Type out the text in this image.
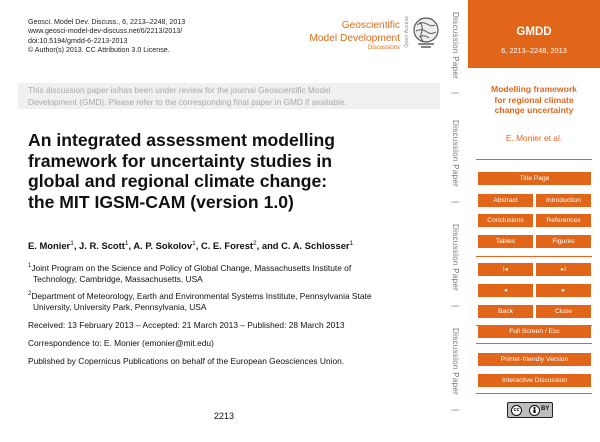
Geosci. Model Dev. Discuss., 6, 2213–2248, 2013
www.geosci-model-dev-discuss.net/6/2213/2013/
doi:10.5194/gmdd-6-2213-2013
© Author(s) 2013. CC Attribution 3.0 License.
Geoscientific
Model Development
Discussions
Open Access
This discussion paper is/has been under review for the journal Geoscientific Model
Development (GMD). Please refer to the corresponding final paper in GMD if available.
An integrated assessment modelling
framework for uncertainty studies in
global and regional climate change:
the MIT IGSM-CAM (version 1.0)
E. Monier$^1$, J. R. Scott$^1$, A. P. Sokolov$^1$, C. E. Forest$^2$, and C. A. Schlosser$^1$
$^1$Joint Program on the Science and Policy of Global Change, Massachusetts Institute of
Technology, Cambridge, Massachusetts, USA
$^2$Department of Meteorology, Earth and Environmental Systems Institute, Pennsylvania State
University, University Park, Pennsylvania, USA
Received: 13 February 2013 – Accepted: 21 March 2013 – Published: 28 March 2013
Correspondence to: E. Monier (emonier@mit.edu)
Published by Copernicus Publications on behalf of the European Geosciences Union.
2213
Discussion Paper
|
Discussion Paper
|
Discussion Paper
|
Discussion Paper
|
GMDD
6, 2213–2248, 2013
Modelling framework
for regional climate
change uncertainty
E. Monier et al.
Title Page
Abstract	Introduction
Conclusions	References
Tables	Figures
I◂	▸I
◂	▸
Back	Close
Full Screen / Esc
Printer-friendly Version
Interactive Discussion
cc	BY
